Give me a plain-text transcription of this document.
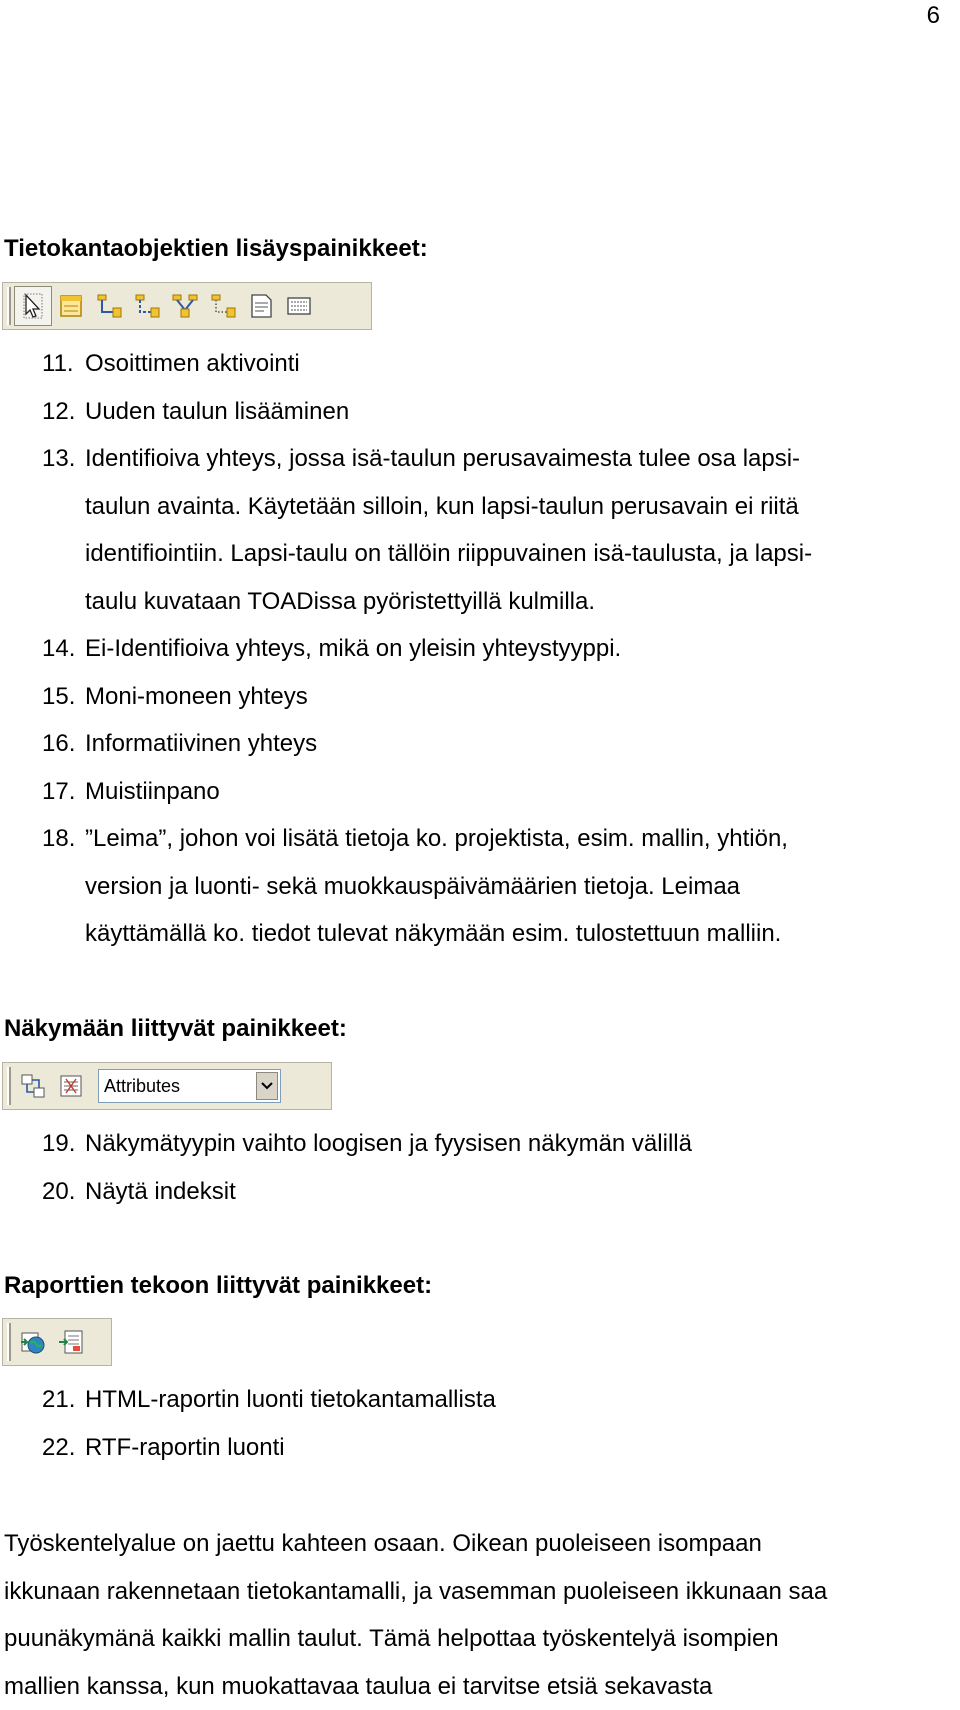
6
Tietokantaobjektien lisäyspainikkeet:
11. Osoittimen aktivointi
12. Uuden taulun lisääminen
13. Identifioiva yhteys, jossa isä-taulun perusavaimesta tulee osa lapsi-
taulun avainta. Käytetään silloin, kun lapsi-taulun perusavain ei riitä
identifiointiin. Lapsi-taulu on tällöin riippuvainen isä-taulusta, ja lapsi-
taulu kuvataan TOADissa pyöristettyillä kulmilla.
14. Ei-Identifioiva yhteys, mikä on yleisin yhteystyyppi.
15. Moni-moneen yhteys
16. Informatiivinen yhteys
17. Muistiinpano
18. ”Leima”, johon voi lisätä tietoja ko. projektista, esim. mallin, yhtiön,
version ja luonti- sekä muokkauspäivämäärien tietoja. Leimaa
käyttämällä ko. tiedot tulevat näkymään esim. tulostettuun malliin.
Näkymään liittyvät painikkeet:
Attributes
19. Näkymätyypin vaihto loogisen ja fyysisen näkymän välillä
20. Näytä indeksit
Raporttien tekoon liittyvät painikkeet:
21. HTML-raportin luonti tietokantamallista
22. RTF-raportin luonti

Työskentelyalue on jaettu kahteen osaan. Oikean puoleiseen isompaan
ikkunaan rakennetaan tietokantamalli, ja vasemman puoleiseen ikkunaan saa
puunäkymänä kaikki mallin taulut. Tämä helpottaa työskentelyä isompien
mallien kanssa, kun muokattavaa taulua ei tarvitse etsiä sekavasta
